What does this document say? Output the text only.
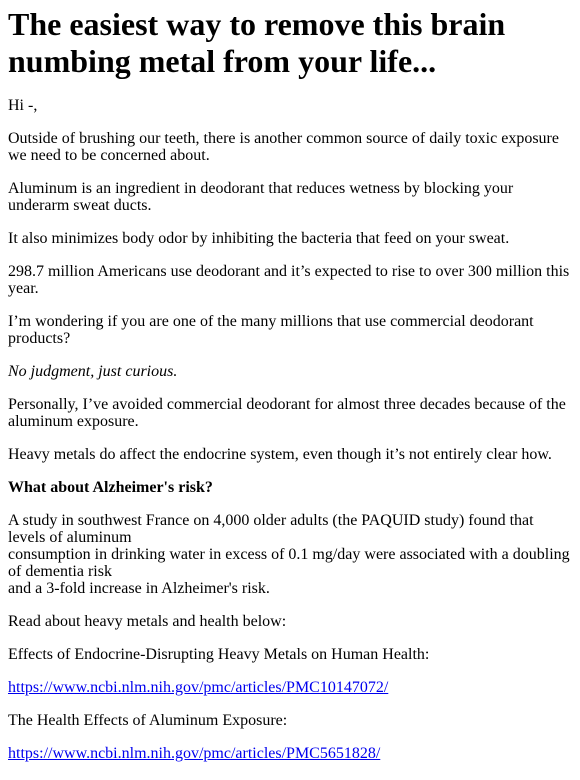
The easiest way to remove this brain numbing metal from your life...

Hi -,

Outside of brushing our teeth, there is another common source of daily toxic exposure we need to be concerned about.

Aluminum is an ingredient in deodorant that reduces wetness by blocking your underarm sweat ducts.

It also minimizes body odor by inhibiting the bacteria that feed on your sweat.

298.7 million Americans use deodorant and it’s expected to rise to over 300 million this year.

I’m wondering if you are one of the many millions that use commercial deodorant products?

No judgment, just curious.

Personally, I’ve avoided commercial deodorant for almost three decades because of the aluminum exposure.

Heavy metals do affect the endocrine system, even though it’s not entirely clear how.

What about Alzheimer's risk?

A study in southwest France on 4,000 older adults (the PAQUID study) found that levels of aluminum
consumption in drinking water in excess of 0.1 mg/day were associated with a doubling of dementia risk
and a 3-fold increase in Alzheimer's risk.

Read about heavy metals and health below:

Effects of Endocrine-Disrupting Heavy Metals on Human Health:

https://www.ncbi.nlm.nih.gov/pmc/articles/PMC10147072/

The Health Effects of Aluminum Exposure:

https://www.ncbi.nlm.nih.gov/pmc/articles/PMC5651828/
